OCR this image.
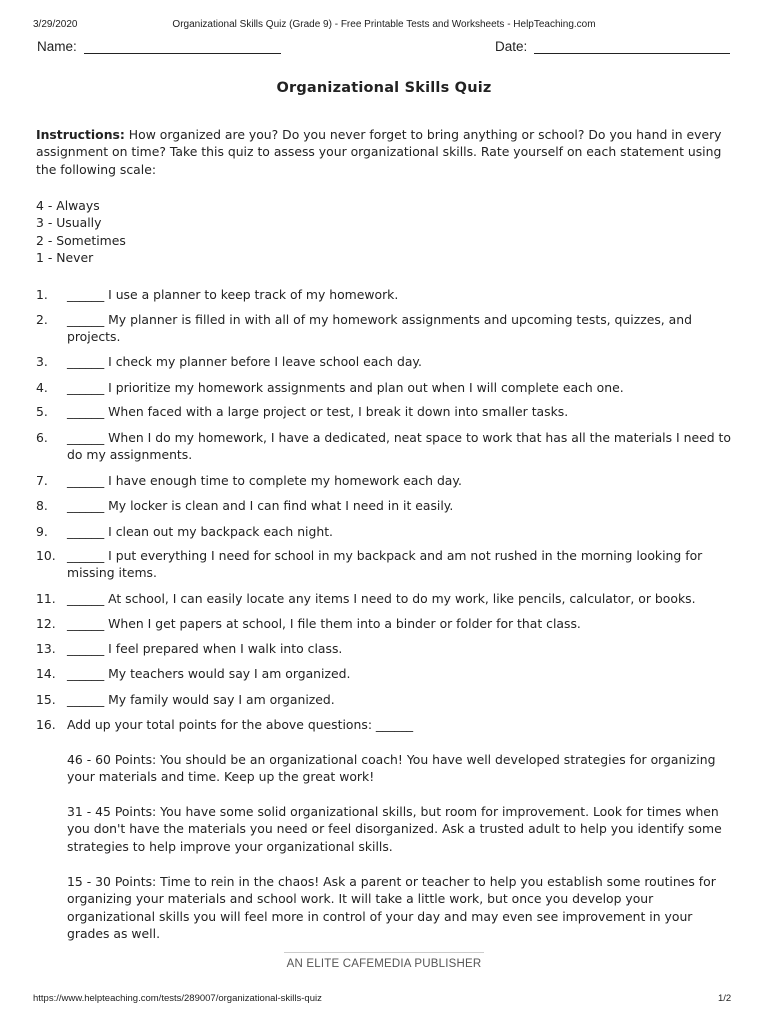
3/29/2020	Organizational Skills Quiz (Grade 9) - Free Printable Tests and Worksheets - HelpTeaching.com
Name:	Date:
Organizational Skills Quiz
Instructions: How organized are you? Do you never forget to bring anything or school? Do you hand in every assignment on time? Take this quiz to assess your organizational skills. Rate yourself on each statement using the following scale:
4 - Always
3 - Usually
2 - Sometimes
1 - Never
1.	______ I use a planner to keep track of my homework.
2.	______ My planner is filled in with all of my homework assignments and upcoming tests, quizzes, and projects.
3.	______ I check my planner before I leave school each day.
4.	______ I prioritize my homework assignments and plan out when I will complete each one.
5.	______ When faced with a large project or test, I break it down into smaller tasks.
6.	______ When I do my homework, I have a dedicated, neat space to work that has all the materials I need to do my assignments.
7.	______ I have enough time to complete my homework each day.
8.	______ My locker is clean and I can find what I need in it easily.
9.	______ I clean out my backpack each night.
10. ______ I put everything I need for school in my backpack and am not rushed in the morning looking for missing items.
11. ______ At school, I can easily locate any items I need to do my work, like pencils, calculator, or books.
12. ______ When I get papers at school, I file them into a binder or folder for that class.
13. ______ I feel prepared when I walk into class.
14. ______ My teachers would say I am organized.
15. ______ My family would say I am organized.
16. Add up your total points for the above questions: ______
46 - 60 Points: You should be an organizational coach! You have well developed strategies for organizing your materials and time. Keep up the great work!
31 - 45 Points: You have some solid organizational skills, but room for improvement. Look for times when you don't have the materials you need or feel disorganized. Ask a trusted adult to help you identify some strategies to help improve your organizational skills.
15 - 30 Points: Time to rein in the chaos! Ask a parent or teacher to help you establish some routines for organizing your materials and school work. It will take a little work, but once you develop your organizational skills you will feel more in control of your day and may even see improvement in your grades as well.
AN ELITE CAFEMEDIA PUBLISHER
https://www.helpteaching.com/tests/289007/organizational-skills-quiz	1/2
